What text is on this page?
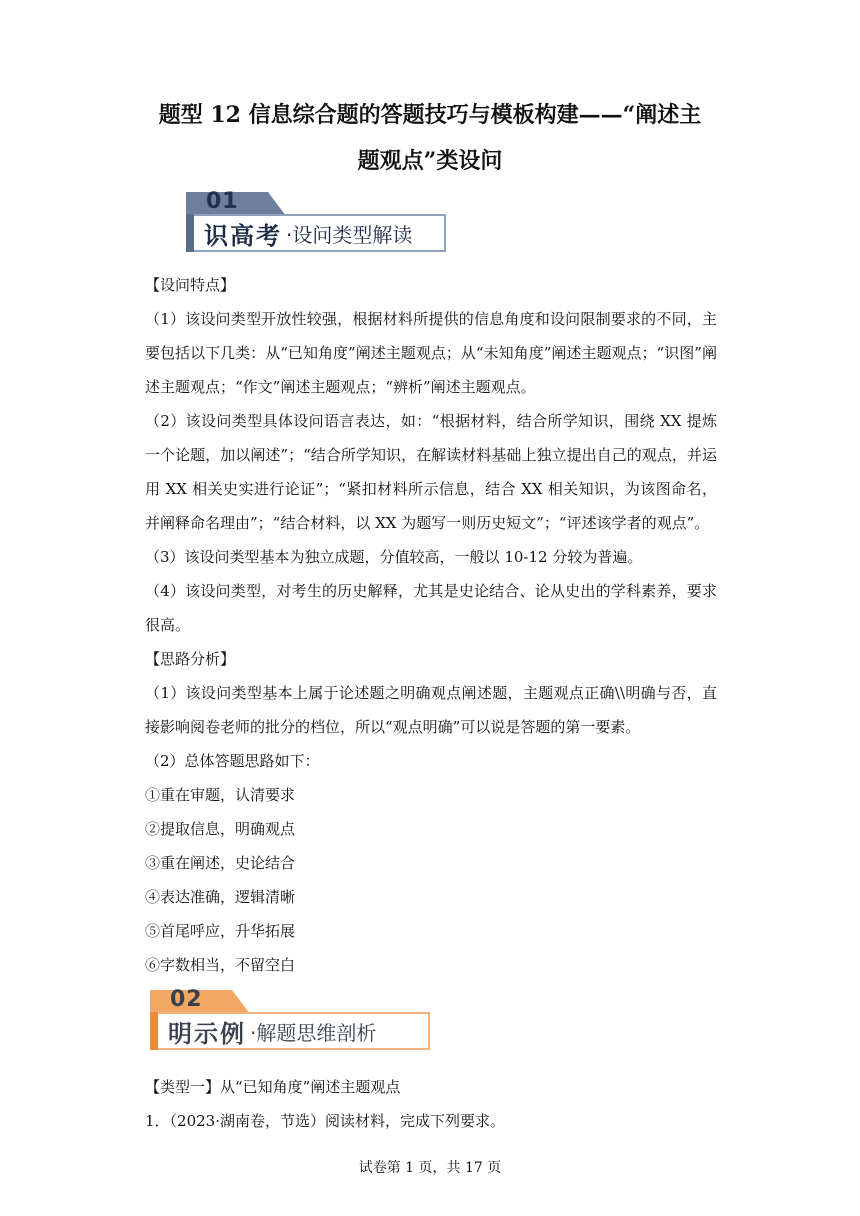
题型 12 信息综合题的答题技巧与模板构建——“阐述主
题观点”类设问
01
识高考 ·设问类型解读

【设问特点】

（1）该设问类型开放性较强，根据材料所提供的信息角度和设问限制要求的不同，主要包括以下几类：从“已知角度”阐述主题观点；从“未知角度”阐述主题观点；“识图”阐述主题观点；“作文”阐述主题观点；“辨析”阐述主题观点。

（2）该设问类型具体设问语言表达，如：“根据材料，结合所学知识，围绕 XX 提炼一个论题，加以阐述”；“结合所学知识，在解读材料基础上独立提出自己的观点，并运用 XX 相关史实进行论证”；“紧扣材料所示信息，结合 XX 相关知识，为该图命名，并阐释命名理由”；“结合材料，以 XX 为题写一则历史短文”；“评述该学者的观点”。

（3）该设问类型基本为独立成题，分值较高，一般以 10-12 分较为普遍。

（4）该设问类型，对考生的历史解释，尤其是史论结合、论从史出的学科素养，要求很高。

【思路分析】

（1）该设问类型基本上属于论述题之明确观点阐述题，主题观点正确\\明确与否，直接影响阅卷老师的批分的档位，所以“观点明确”可以说是答题的第一要素。

（2）总体答题思路如下：

①重在审题，认清要求

②提取信息，明确观点

③重在阐述，史论结合

④表达准确，逻辑清晰

⑤首尾呼应，升华拓展

⑥字数相当，不留空白

02
明示例 ·解题思维剖析

【类型一】从“已知角度”阐述主题观点

1．（2023·湖南卷，节选）阅读材料，完成下列要求。

试卷第 1 页，共 17 页
